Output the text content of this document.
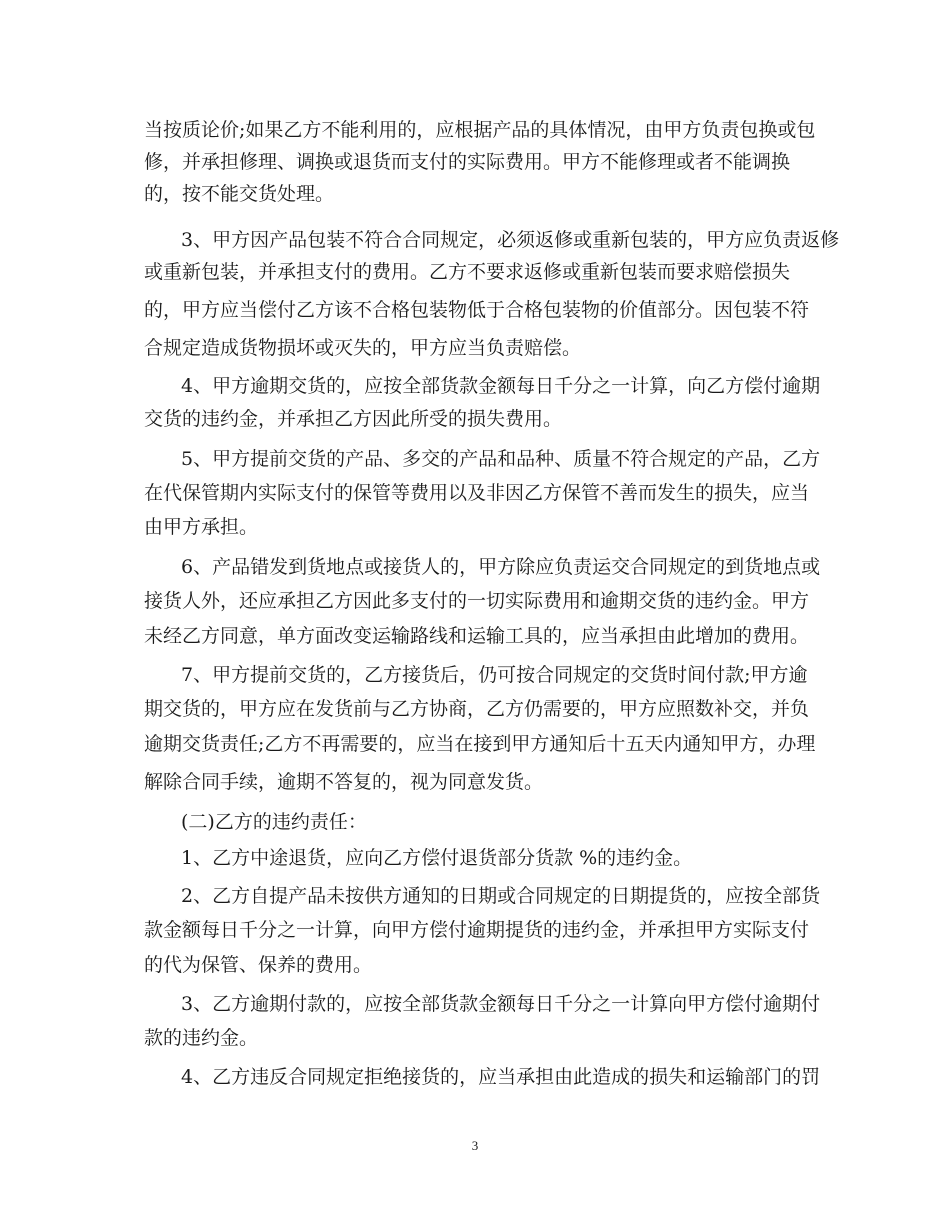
当按质论价;如果乙方不能利用的，应根据产品的具体情况，由甲方负责包换或包
修，并承担修理、调换或退货而支付的实际费用。甲方不能修理或者不能调换
的，按不能交货处理。
3、甲方因产品包装不符合合同规定，必须返修或重新包装的，甲方应负责返修
或重新包装，并承担支付的费用。乙方不要求返修或重新包装而要求赔偿损失
的，甲方应当偿付乙方该不合格包装物低于合格包装物的价值部分。因包装不符
合规定造成货物损坏或灭失的，甲方应当负责赔偿。
4、甲方逾期交货的，应按全部货款金额每日千分之一计算，向乙方偿付逾期
交货的违约金，并承担乙方因此所受的损失费用。
5、甲方提前交货的产品、多交的产品和品种、质量不符合规定的产品，乙方
在代保管期内实际支付的保管等费用以及非因乙方保管不善而发生的损失，应当
由甲方承担。
6、产品错发到货地点或接货人的，甲方除应负责运交合同规定的到货地点或
接货人外，还应承担乙方因此多支付的一切实际费用和逾期交货的违约金。甲方
未经乙方同意，单方面改变运输路线和运输工具的，应当承担由此增加的费用。
7、甲方提前交货的，乙方接货后，仍可按合同规定的交货时间付款;甲方逾
期交货的，甲方应在发货前与乙方协商，乙方仍需要的，甲方应照数补交，并负
逾期交货责任;乙方不再需要的，应当在接到甲方通知后十五天内通知甲方，办理
解除合同手续，逾期不答复的，视为同意发货。
(二)乙方的违约责任：
1、乙方中途退货，应向乙方偿付退货部分货款 %的违约金。
2、乙方自提产品未按供方通知的日期或合同规定的日期提货的，应按全部货
款金额每日千分之一计算，向甲方偿付逾期提货的违约金，并承担甲方实际支付
的代为保管、保养的费用。
3、乙方逾期付款的，应按全部货款金额每日千分之一计算向甲方偿付逾期付
款的违约金。
4、乙方违反合同规定拒绝接货的，应当承担由此造成的损失和运输部门的罚
3
